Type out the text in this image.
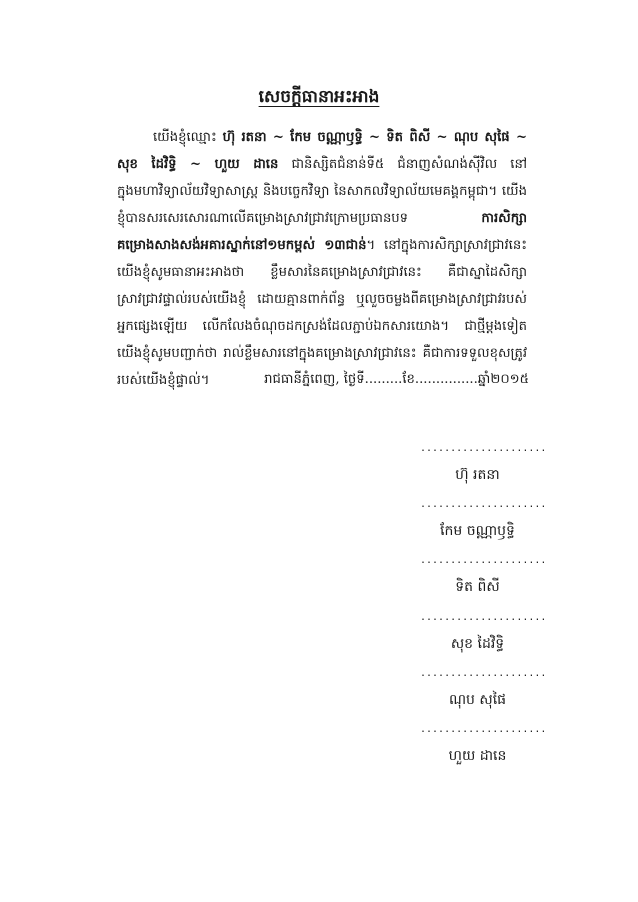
សេចក្តីធានាអះអាង
យើងខ្ញុំឈ្មោះ ហ៊ុ រតនា ~ កែម ចណ្ណាឫទ្ធិ ~ ទិត ពិសី ~ ណុប សុផៃ ~ សុខ ដៃវិទ្ធិ ~ ហួយ ដានេ ជានិស្សិតជំនាន់ទី៥ ជំនាញសំណង់ស៊ីវិល នៅក្នុងមហាវិទ្យាល័យវិទ្យាសាស្ត្រ និងបច្ចេកវិទ្យា នៃសាកលវិទ្យាល័យមេគង្គកម្ពុជា។ យើងខ្ញុំបានសរសេរសោរណាលើគម្រោងស្រាវជ្រាវក្រោមប្រធានបទ ការសិក្សាគម្រោងសាងសង់អគារស្នាក់នៅ១មកម្ពស់ ១៣ជាន់។ នៅក្នុងការសិក្សាស្រាវជ្រាវនេះ យើងខ្ញុំសូមធានាអះអាងថា ខ្លឹមសារនៃគម្រោងស្រាវជ្រាវនេះ គឺជាស្នាដៃសិក្សាស្រាវជ្រាវផ្ទាល់របស់យើងខ្ញុំ ដោយគ្មានពាក់ព័ន្ធ ឬលួចចម្លងពីគម្រោងស្រាវជ្រាវរបស់អ្នកផ្សេងឡើយ លើកលែងចំណុចដកស្រង់ដែលភ្ជាប់ឯកសារយោង។ ជាថ្មីម្តងទៀតយើងខ្ញុំសូមបញ្ជាក់ថា រាល់ខ្លឹមសារនៅក្នុងគម្រោងស្រាវជ្រាវនេះ គឺជាការទទួលខុសត្រូវរបស់យើងខ្ញុំផ្ទាល់។	រាជធានីភ្នំពេញ, ថ្ងៃទី.........ខែ...............ឆ្នាំ២០១៥
.....................
ហ៊ុ រតនា
.....................
កែម ចណ្ណាឫទ្ធិ
.....................
ទិត ពិសី
.....................
សុខ ដៃវិទ្ធិ
.....................
ណុប សុផៃ
.....................
ហួយ ដានេ
